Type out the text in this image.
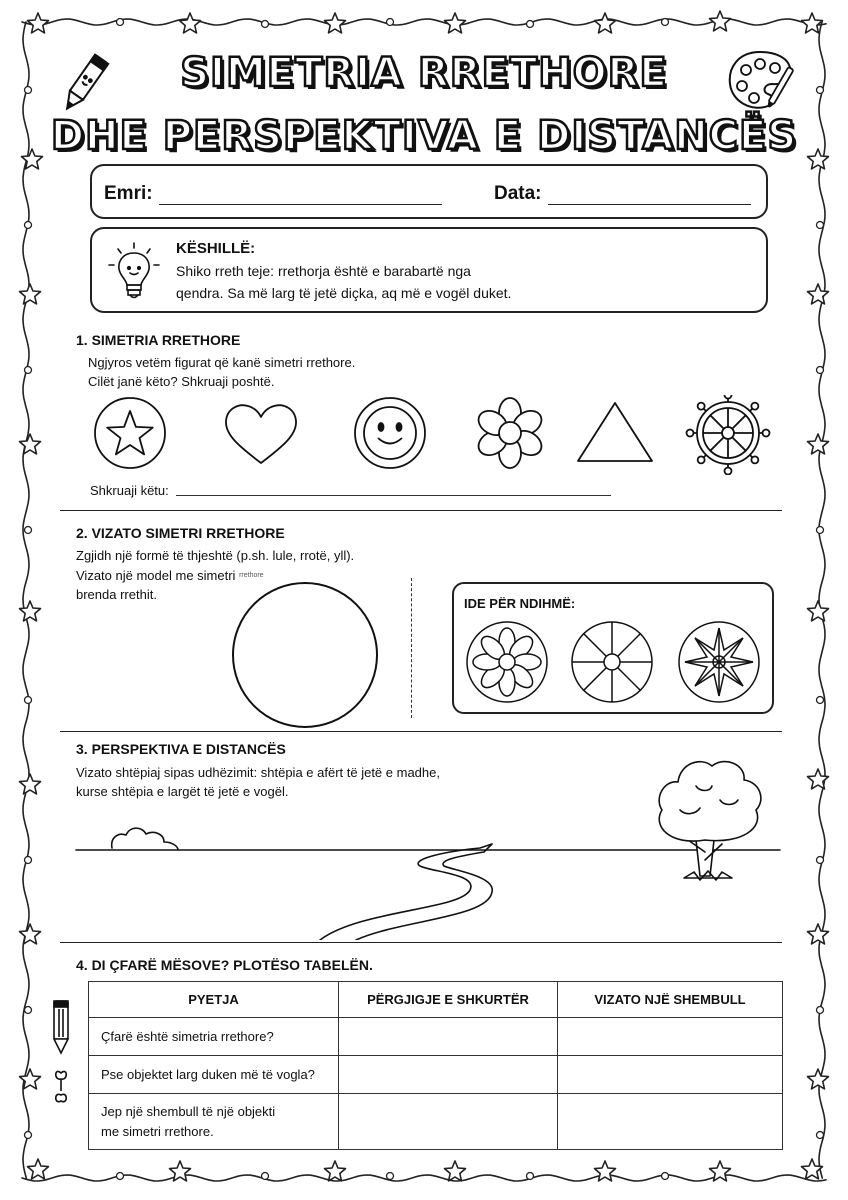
SIMETRIA RRETHORE
DHE PERSPEKTIVA E DISTANCËS
Emri:	Data:
KËSHILLË:
Shiko rreth teje: rrethorja është e barabartë nga
qendra. Sa më larg të jetë diçka, aq më e vogël duket.
1. SIMETRIA RRETHORE
Ngjyros vetëm figurat që kanë simetri rrethore.
Cilët janë këto? Shkruaji poshtë.
Shkruaji këtu:
2. VIZATO SIMETRI RRETHORE
Zgjidh një formë të thjeshtë (p.sh. lule, rrotë, yll).
Vizato një model me simetri $^{rrethore}$
brenda rrethit.
IDE PËR NDIHMË:
3. PERSPEKTIVA E DISTANCËS
Vizato shtëpiaj sipas udhëzimit: shtëpia e afërt të jetë e madhe,
kurse shtëpia e largët të jetë e vogël.
4. DI ÇFARË MËSOVE? PLOTËSO TABELËN.
PYETJA	PËRGJIGJE E SHKURTËR	VIZATO NJË SHEMBULL
Çfarë është simetria rrethore?		
Pse objektet larg duken më të vogla?		
Jep një shembull të një objekti
me simetri rrethore.		
